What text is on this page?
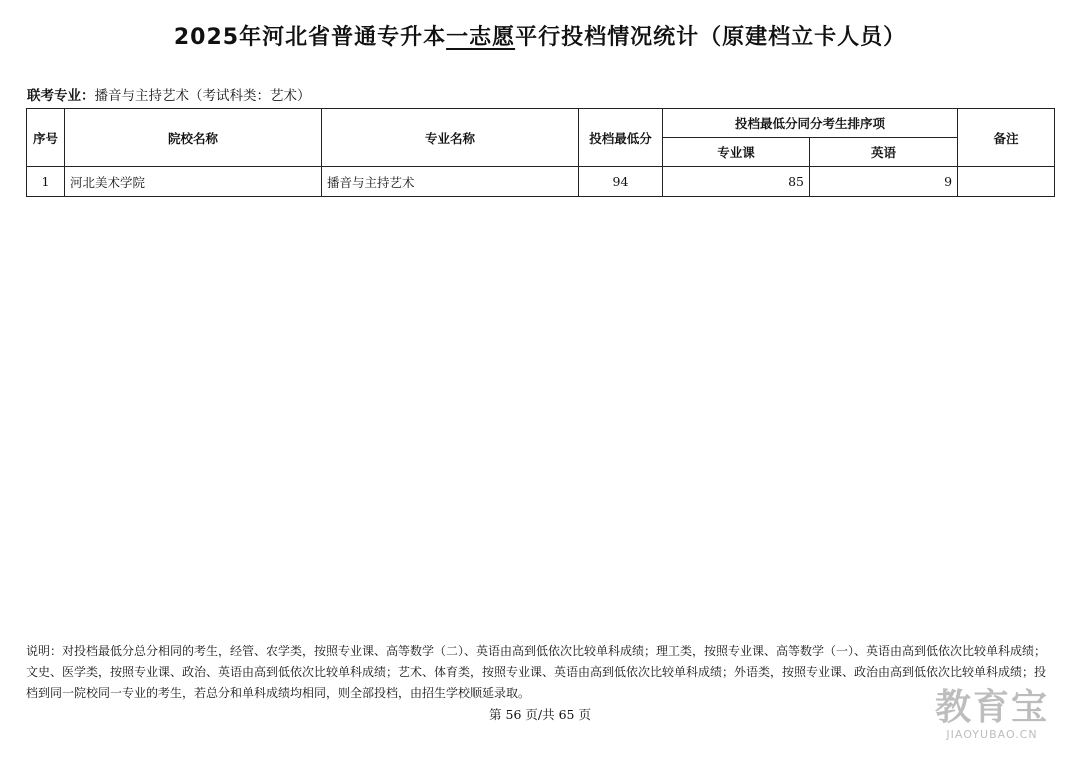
2025年河北省普通专升本一志愿平行投档情况统计（原建档立卡人员）
联考专业：播音与主持艺术（考试科类：艺术）
序号	院校名称	专业名称	投档最低分	投档最低分同分考生排序项		备注
				专业课	英语	
1	河北美术学院	播音与主持艺术	94	85	9	
说明：对投档最低分总分相同的考生，经管、农学类，按照专业课、高等数学（二）、英语由高到低依次比较单科成绩；理工类，按照专业课、高等数学（一）、英语由高到低依次比较单科成绩；文史、医学类，按照专业课、政治、英语由高到低依次比较单科成绩；艺术、体育类，按照专业课、英语由高到低依次比较单科成绩；外语类，按照专业课、政治由高到低依次比较单科成绩；投档到同一院校同一专业的考生，若总分和单科成绩均相同，则全部投档，由招生学校顺延录取。
第 56 页/共 65 页	教育宝
JIAOYUBAO.CN
